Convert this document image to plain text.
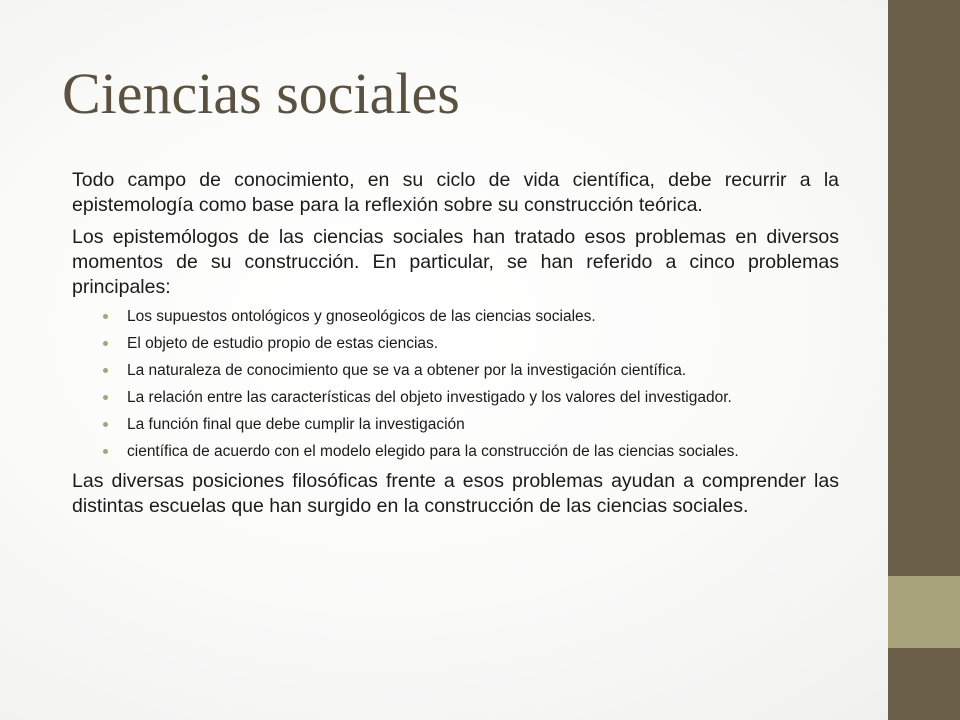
Ciencias sociales

Todo campo de conocimiento, en su ciclo de vida científica, debe recurrir a la epistemología como base para la reflexión sobre su construcción teórica.

Los epistemólogos de las ciencias sociales han tratado esos problemas en diversos momentos de su construcción. En particular, se han referido a cinco problemas principales:

Los supuestos ontológicos y gnoseológicos de las ciencias sociales.
El objeto de estudio propio de estas ciencias.
La naturaleza de conocimiento que se va a obtener por la investigación científica.
La relación entre las características del objeto investigado y los valores del investigador.
La función final que debe cumplir la investigación
científica de acuerdo con el modelo elegido para la construcción de las ciencias sociales.

Las diversas posiciones filosóficas frente a esos problemas ayudan a comprender las distintas escuelas que han surgido en la construcción de las ciencias sociales.
